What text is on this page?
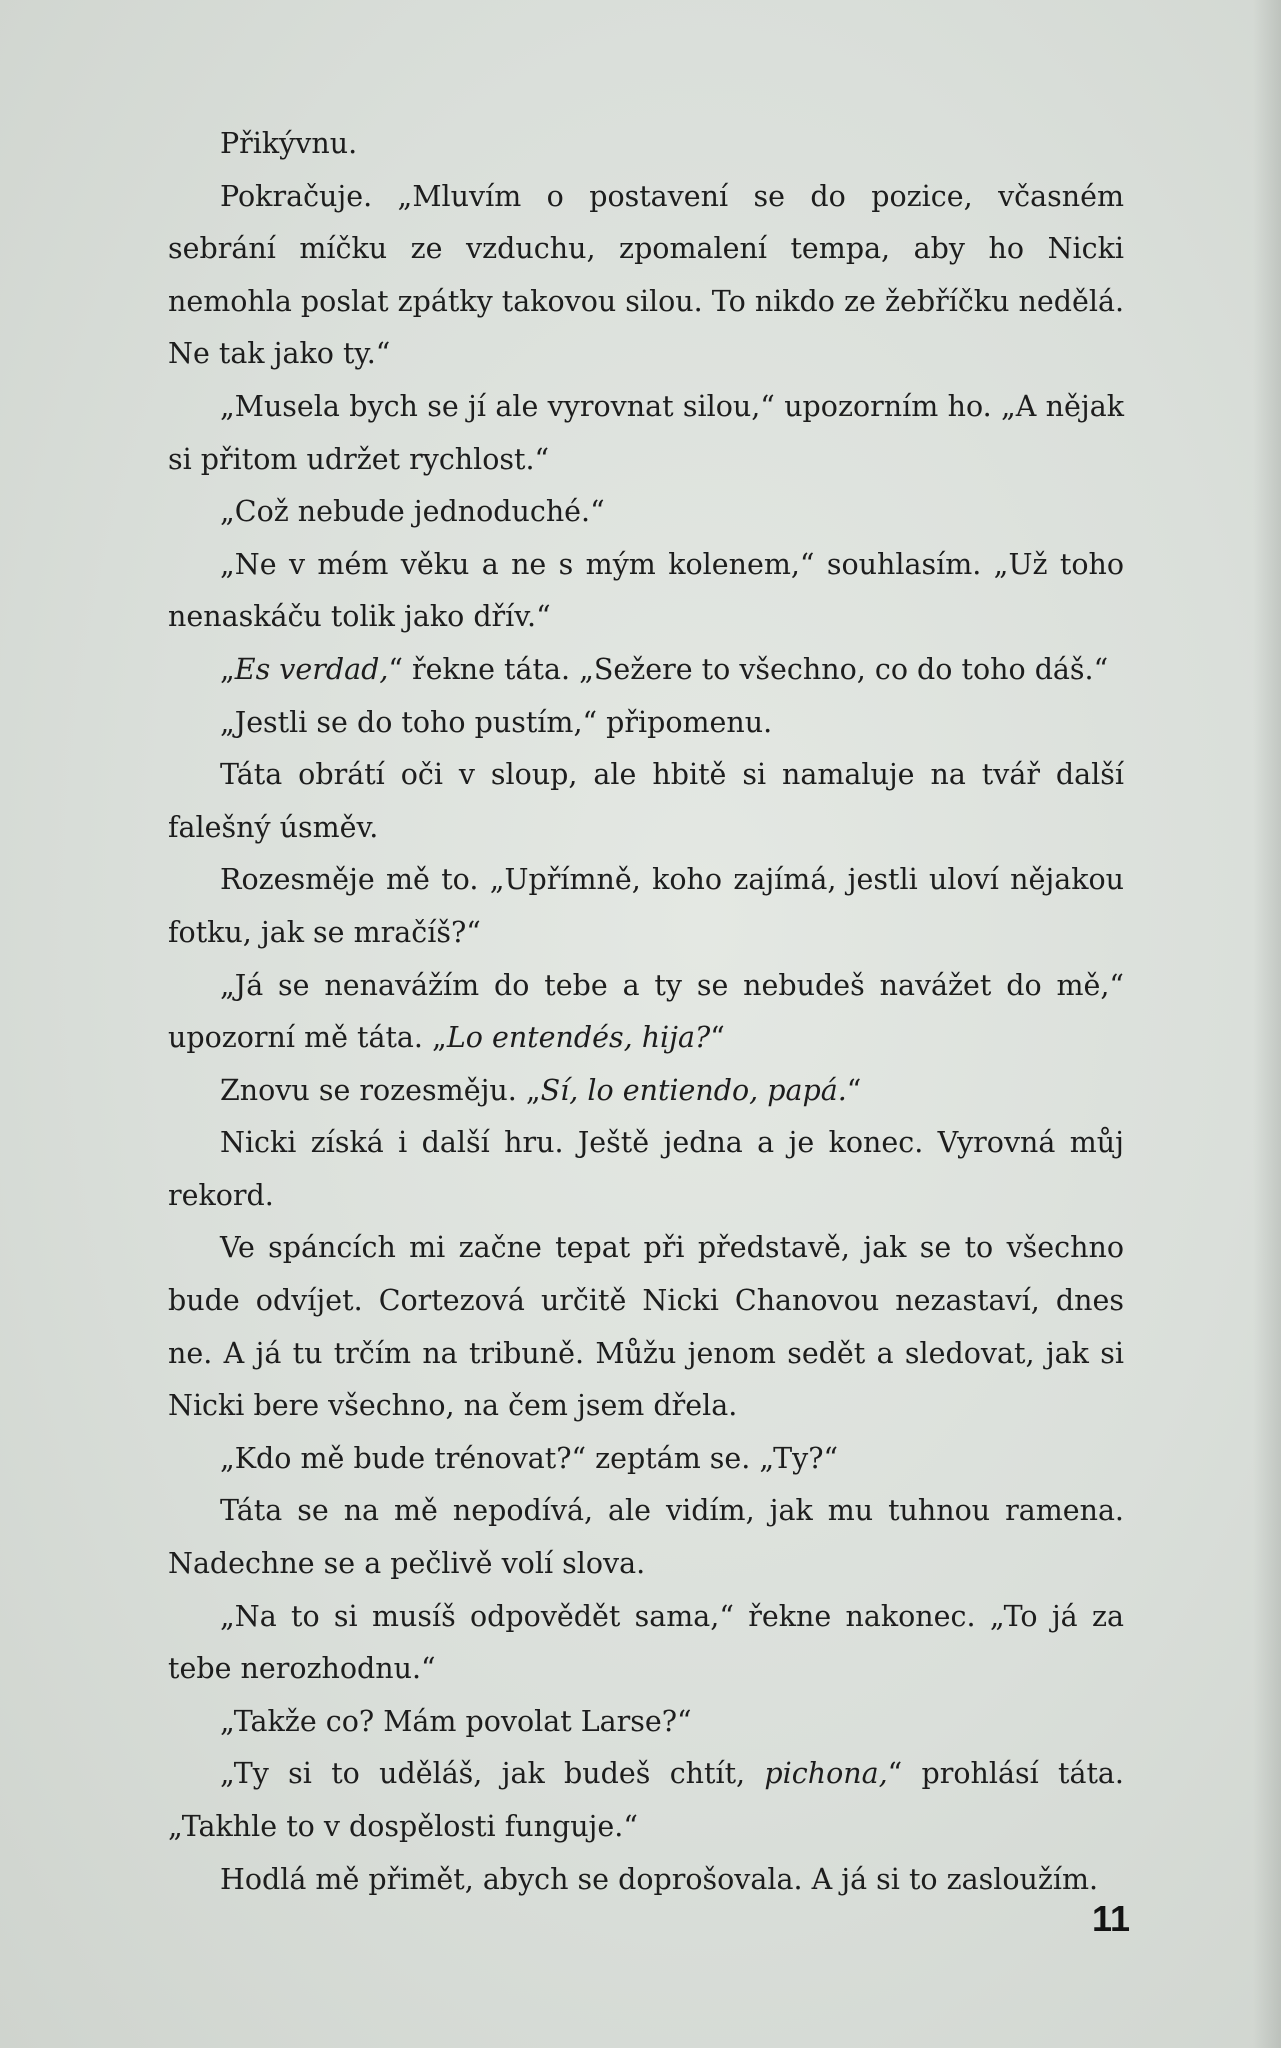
Přikývnu.

Pokračuje. „Mluvím o postavení se do pozice, včasném sebrání míčku ze vzduchu, zpomalení tempa, aby ho Nicki nemohla poslat zpátky takovou silou. To nikdo ze žebříčku nedělá. Ne tak jako ty.“

„Musela bych se jí ale vyrovnat silou,“ upozorním ho. „A nějak si přitom udržet rychlost.“

„Což nebude jednoduché.“

„Ne v mém věku a ne s mým kolenem,“ souhlasím. „Už toho nenaskáču tolik jako dřív.“

„Es verdad,“ řekne táta. „Sežere to všechno, co do toho dáš.“

„Jestli se do toho pustím,“ připomenu.

Táta obrátí oči v sloup, ale hbitě si namaluje na tvář další falešný úsměv.

Rozesměje mě to. „Upřímně, koho zajímá, jestli uloví nějakou fotku, jak se mračíš?“

„Já se nenavážím do tebe a ty se nebudeš navážet do mě,“ upozorní mě táta. „Lo entendés, hija?“

Znovu se rozesměju. „Sí, lo entiendo, papá.“

Nicki získá i další hru. Ještě jedna a je konec. Vyrovná můj rekord.

Ve spáncích mi začne tepat při představě, jak se to všechno bude odvíjet. Cortezová určitě Nicki Chanovou nezastaví, dnes ne. A já tu trčím na tribuně. Můžu jenom sedět a sledovat, jak si Nicki bere všechno, na čem jsem dřela.

„Kdo mě bude trénovat?“ zeptám se. „Ty?“

Táta se na mě nepodívá, ale vidím, jak mu tuhnou ramena. Nadechne se a pečlivě volí slova.

„Na to si musíš odpovědět sama,“ řekne nakonec. „To já za tebe nerozhodnu.“

„Takže co? Mám povolat Larse?“

„Ty si to uděláš, jak budeš chtít, pichona,“ prohlásí táta. „Takhle to v dospělosti funguje.“

Hodlá mě přimět, abych se doprošovala. A já si to zasloužím.

11
